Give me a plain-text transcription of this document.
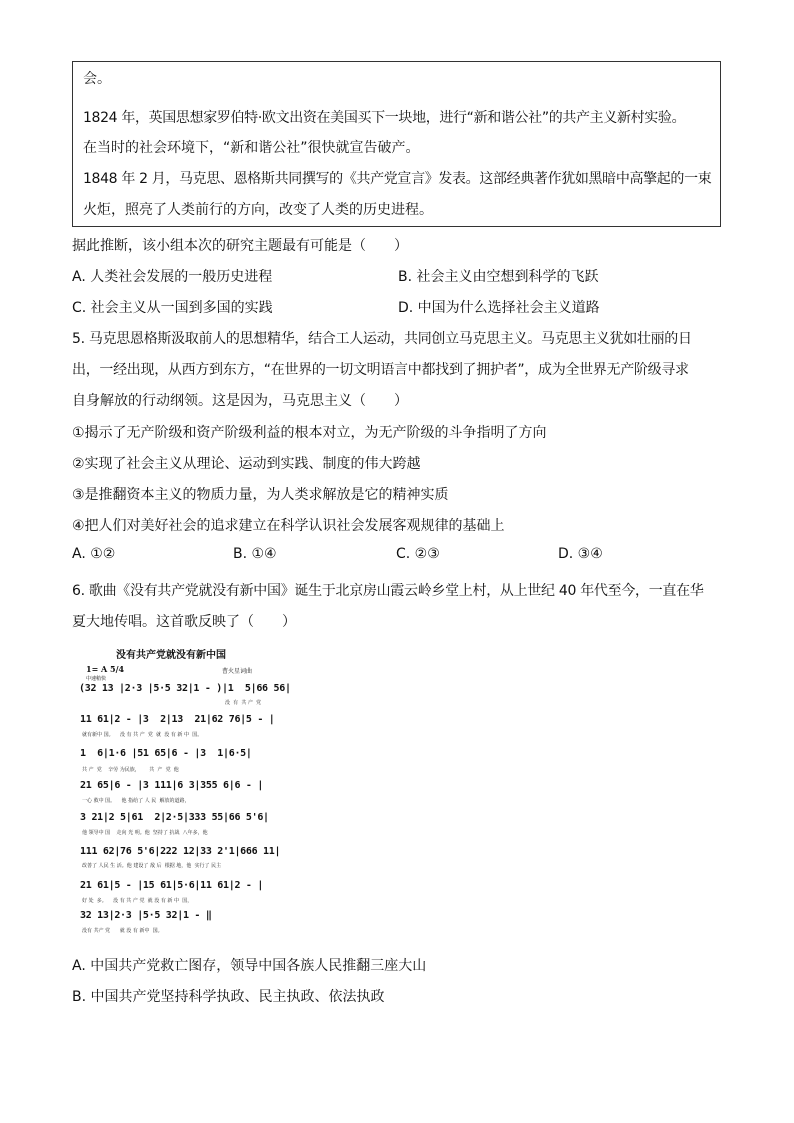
会。
1824 年，英国思想家罗伯特·欧文出资在美国买下一块地，进行“新和谐公社”的共产主义新村实验。
在当时的社会环境下，“新和谐公社”很快就宣告破产。
1848 年 2 月，马克思、恩格斯共同撰写的《共产党宣言》发表。这部经典著作犹如黑暗中高擎起的一束
火炬，照亮了人类前行的方向，改变了人类的历史进程。
据此推断，该小组本次的研究主题最有可能是（　　）
A. 人类社会发展的一般历史进程	B. 社会主义由空想到科学的飞跃
C. 社会主义从一国到多国的实践	D. 中国为什么选择社会主义道路
5. 马克思恩格斯汲取前人的思想精华，结合工人运动，共同创立马克思主义。马克思主义犹如壮丽的日
出，一经出现，从西方到东方，“在世界的一切文明语言中都找到了拥护者”，成为全世界无产阶级寻求
自身解放的行动纲领。这是因为，马克思主义（　　）
①揭示了无产阶级和资产阶级利益的根本对立，为无产阶级的斗争指明了方向
②实现了社会主义从理论、运动到实践、制度的伟大跨越
③是推翻资本主义的物质力量，为人类求解放是它的精神实质
④把人们对美好社会的追求建立在科学认识社会发展客观规律的基础上
A. ①②	B. ①④	C. ②③	D. ③④
6. 歌曲《没有共产党就没有新中国》诞生于北京房山霞云岭乡堂上村，从上世纪 40 年代至今，一直在华
夏大地传唱。这首歌反映了（　　）
没有共产党就没有新中国
曹火星词曲
1= A 5/4
中速稍快
(32 13 |2·3 |5·5 32|1 - )|1  5|66 56|
没  有  共 产  党
11 61|2 - |3  2|13  21|62 76|5 - |
就有新中 国。    没 有 共 产  党  就  没 有 新 中  国。
1  6|1·6 |51 65|6 - |3  1|6·5|
共 产  党    辛劳 为民族，      共  产  党  他
21 65|6 - |3 111|6 3|355 6|6 - |
一心 救中 国。    他 指给了 人 民  解放的道路，
3 21|2 5|61  2|2·5|333 55|66 5'6|
他 领导中 国    走向 光 明。他  坚持了 抗战  八年多，他
111 62|76 5'6|222 12|33 2'1|666 11|
改善了 人民 生 活。他 建设了 敌 后  根据 地，他  实行了 民主
21 61|5 - |15 61|5·6|11 61|2 - |
好 处  多。    没 有 共 产 党  就 没 有 新 中  国，
32 13|2·3 |5·5 32|1 - ‖
没有 共产 党      就 没 有 新中  国。
A. 中国共产党救亡图存，领导中国各族人民推翻三座大山
B. 中国共产党坚持科学执政、民主执政、依法执政
